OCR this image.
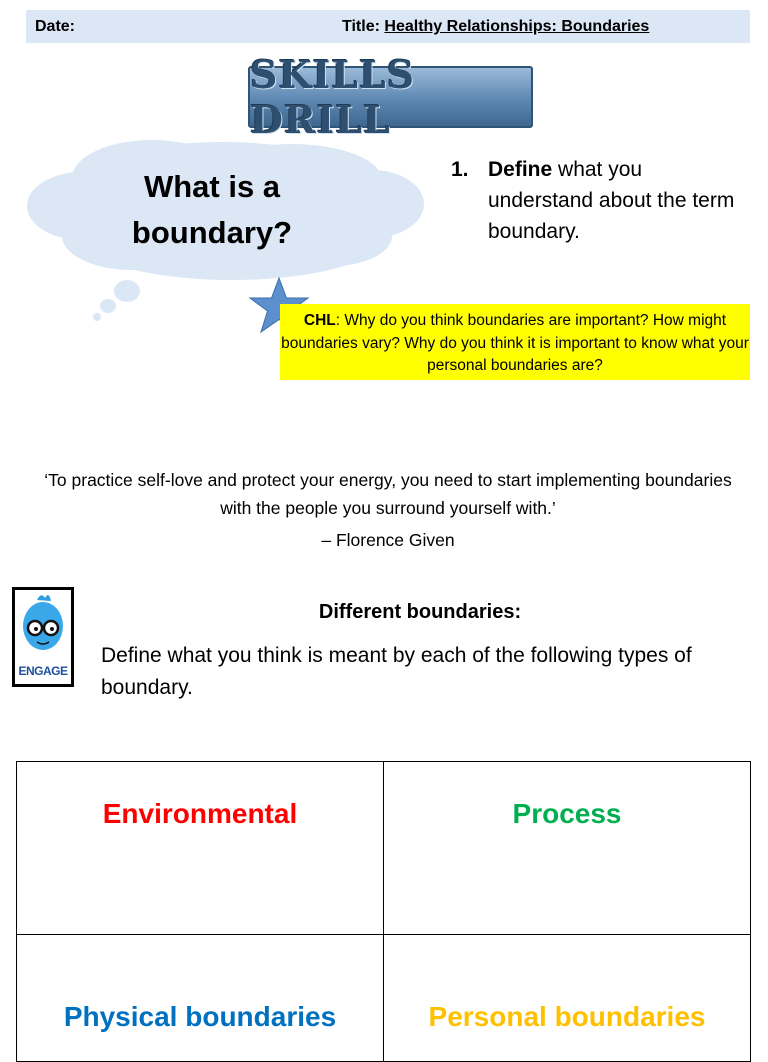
Date:	Title: Healthy Relationships: Boundaries
SKILLS DRILL
What is a boundary?
1. Define what you understand about the term boundary.
CHL: Why do you think boundaries are important? How might boundaries vary? Why do you think it is important to know what your personal boundaries are?
‘To practice self-love and protect your energy, you need to start implementing boundaries with the people you surround yourself with.’
– Florence Given
ENGAGE
Different boundaries:
Define what you think is meant by each of the following types of boundary.
Environmental	Process
Physical boundaries	Personal boundaries
